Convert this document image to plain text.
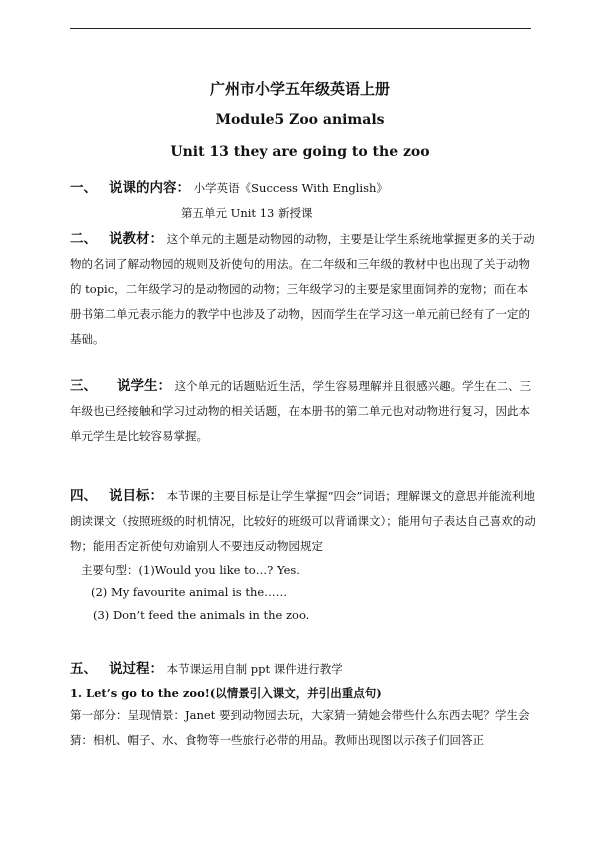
广州市小学五年级英语上册
Module5 Zoo animals
Unit 13 they are going to the zoo
一、 说课的内容： 小学英语《Success With English》
第五单元 Unit 13 新授课
二、 说教材： 这个单元的主题是动物园的动物，主要是让学生系统地掌握更多的关于动物的名词了解动物园的规则及祈使句的用法。在二年级和三年级的教材中也出现了关于动物的 topic，二年级学习的是动物园的动物；三年级学习的主要是家里面饲养的宠物；而在本册书第二单元表示能力的教学中也涉及了动物，因而学生在学习这一单元前已经有了一定的基础。
三、 说学生： 这个单元的话题贴近生活，学生容易理解并且很感兴趣。学生在二、三年级也已经接触和学习过动物的相关话题，在本册书的第二单元也对动物进行复习，因此本单元学生是比较容易掌握。
四、 说目标： 本节课的主要目标是让学生掌握“四会”词语；理解课文的意思并能流利地朗读课文（按照班级的时机情况，比较好的班级可以背诵课文）；能用句子表达自己喜欢的动物；能用否定祈使句劝谕别人不要违反动物园规定
主要句型：(1)Would you like to…? Yes.
(2) My favourite animal is the……
(3) Don’t feed the animals in the zoo.
五、 说过程： 本节课运用自制 ppt 课件进行教学
1. Let’s go to the zoo!(以情景引入课文，并引出重点句)
第一部分：呈现情景：Janet 要到动物园去玩，大家猜一猜她会带些什么东西去呢？学生会猜：相机、帽子、水、食物等一些旅行必带的用品。教师出现图以示孩子们回答正
